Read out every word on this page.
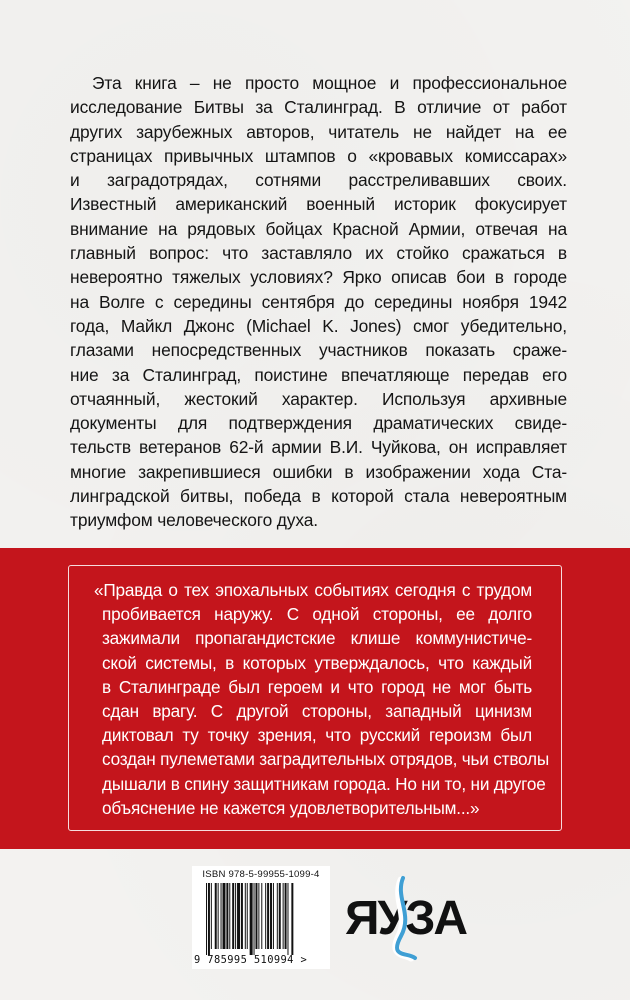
Эта книга – не просто мощное и профессиональное
исследование Битвы за Сталинград. В отличие от работ
других зарубежных авторов, читатель не найдет на ее
страницах привычных штампов о «кровавых комиссарах»
и заградотрядах, сотнями расстреливавших своих.
Известный американский военный историк фокусирует
внимание на рядовых бойцах Красной Армии, отвечая на
главный вопрос: что заставляло их стойко сражаться в
невероятно тяжелых условиях? Ярко описав бои в городе
на Волге с середины сентября до середины ноября 1942
года, Майкл Джонс (Michael K. Jones) смог убедительно,
глазами непосредственных участников показать сраже-
ние за Сталинград, поистине впечатляюще передав его
отчаянный, жестокий характер. Используя архивные
документы для подтверждения драматических свиде-
тельств ветеранов 62-й армии В.И. Чуйкова, он исправляет
многие закрепившиеся ошибки в изображении хода Ста-
линградской битвы, победа в которой стала невероятным
триумфом человеческого духа.
«Правда о тех эпохальных событиях сегодня с трудом
пробивается наружу. С одной стороны, ее долго
зажимали пропагандистские клише коммунистиче-
ской системы, в которых утверждалось, что каждый
в Сталинграде был героем и что город не мог быть
сдан врагу. С другой стороны, западный цинизм
диктовал ту точку зрения, что русский героизм был
создан пулеметами заградительных отрядов, чьи стволы
дышали в спину защитникам города. Но ни то, ни другое
объяснение не кажется удовлетворительным...»
ISBN 978-5-99955-1099-4
9 785995 510994 >
ЯУЗА
